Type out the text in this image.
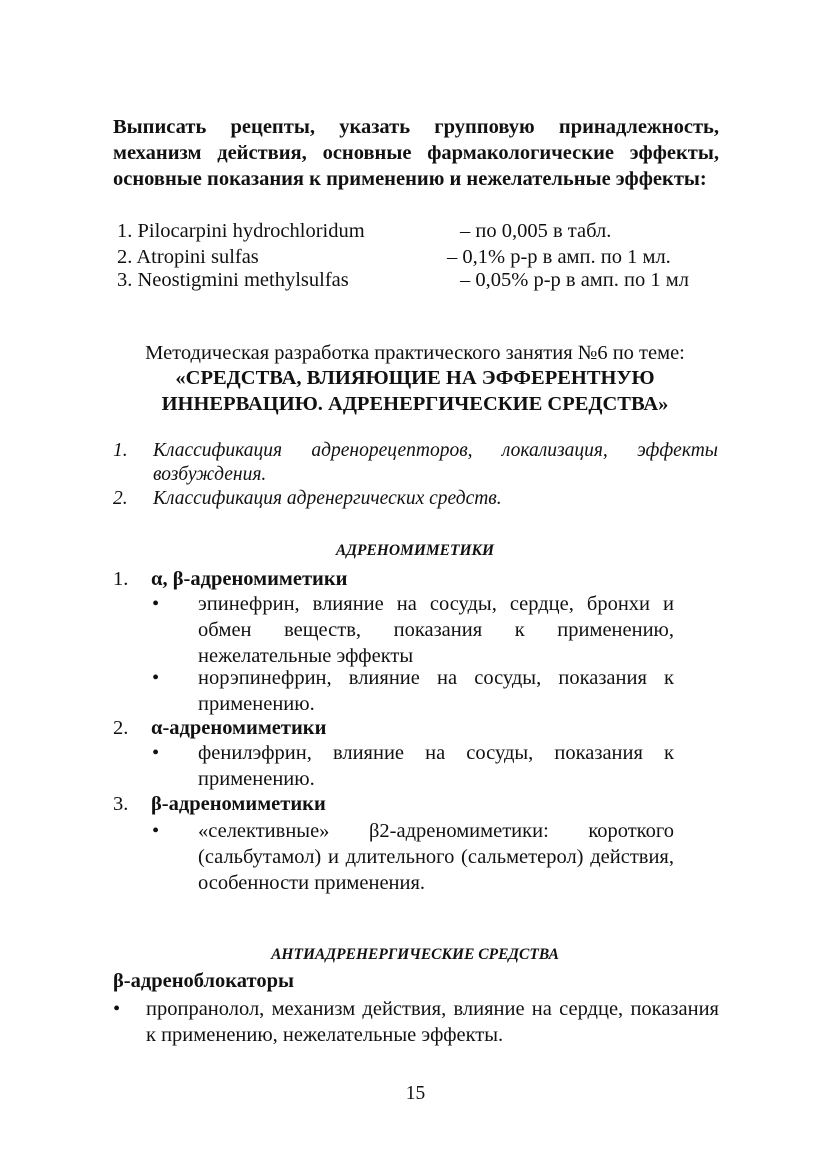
Выписать рецепты, указать групповую принадлежность, механизм действия, основные фармакологические эффекты, основные показания к применению и нежелательные эффекты:
1. Pilocarpini hydrochloridum	– по 0,005 в табл.
2. Atropini sulfas	– 0,1% р-р в амп. по 1 мл.
3. Neostigmini methylsulfas	– 0,05% р-р в амп. по 1 мл
Методическая разработка практического занятия №6 по теме:
«СРЕДСТВА, ВЛИЯЮЩИЕ НА ЭФФЕРЕНТНУЮ
ИННЕРВАЦИЮ. АДРЕНЕРГИЧЕСКИЕ СРЕДСТВА»
1. Классификация адренорецепторов, локализация, эффекты возбуждения.
2. Классификация адренергических средств.
АДРЕНОМИМЕТИКИ
1. α, β-адреномиметики
• эпинефрин, влияние на сосуды, сердце, бронхи и обмен веществ, показания к применению, нежелательные эффекты
• норэпинефрин, влияние на сосуды, показания к применению.
2. α-адреномиметики
• фенилэфрин, влияние на сосуды, показания к применению.
3. β-адреномиметики
• «селективные» β2-адреномиметики: короткого (сальбутамол) и длительного (сальметерол) действия, особенности применения.
АНТИАДРЕНЕРГИЧЕСКИЕ СРЕДСТВА
β-адреноблокаторы
• пропранолол, механизм действия, влияние на сердце, показания к применению, нежелательные эффекты.
15
